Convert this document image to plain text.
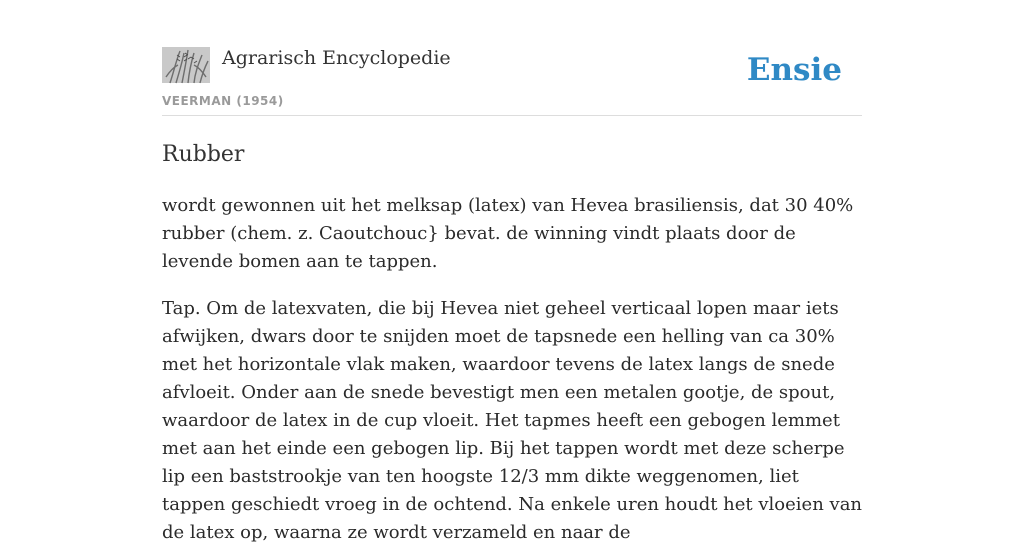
Agrarisch Encyclopedie	Ensie
VEERMAN (1954)
Rubber

wordt gewonnen uit het melksap (latex) van Hevea brasiliensis, dat 30 40% rubber (chem. z. Caoutchouc} bevat. de winning vindt plaats door de levende bomen aan te tappen.

Tap. Om de latexvaten, die bij Hevea niet geheel verticaal lopen maar iets afwijken, dwars door te snijden moet de tapsnede een helling van ca 30% met het horizontale vlak maken, waardoor tevens de latex langs de snede afvloeit. Onder aan de snede bevestigt men een metalen gootje, de spout, waardoor de latex in de cup vloeit. Het tapmes heeft een gebogen lemmet met aan het einde een gebogen lip. Bij het tappen wordt met deze scherpe lip een baststrookje van ten hoogste 12/3 mm dikte weggenomen, liet tappen geschiedt vroeg in de ochtend. Na enkele uren houdt het vloeien van de latex op, waarna ze wordt verzameld en naar de
